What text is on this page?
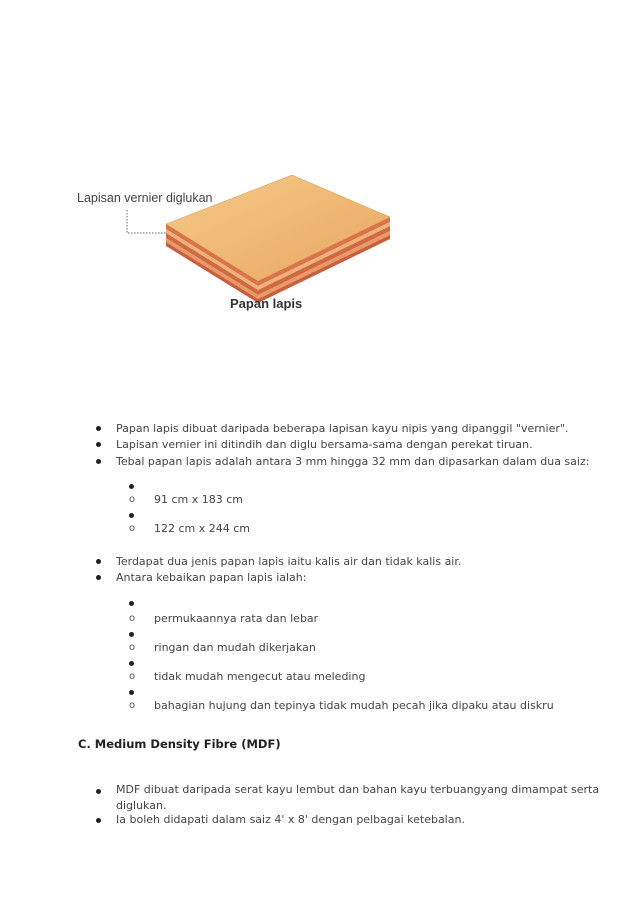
Lapisan vernier diglukan
Papan lapis
Papan lapis dibuat daripada beberapa lapisan kayu nipis yang dipanggil "vernier".
Lapisan vernier ini ditindih dan diglu bersama-sama dengan perekat tiruan.
Tebal papan lapis adalah antara 3 mm hingga 32 mm dan dipasarkan dalam dua saiz:
o 91 cm x 183 cm
o 122 cm x 244 cm
Terdapat dua jenis papan lapis iaitu kalis air dan tidak kalis air.
Antara kebaikan papan lapis ialah:
o permukaannya rata dan lebar
o ringan dan mudah dikerjakan
o tidak mudah mengecut atau meleding
o bahagian hujung dan tepinya tidak mudah pecah jika dipaku atau diskru
C. Medium Density Fibre (MDF)
MDF dibuat daripada serat kayu lembut dan bahan kayu terbuangyang dimampat serta
diglukan.
Ia boleh didapati dalam saiz 4' x 8' dengan pelbagai ketebalan.
